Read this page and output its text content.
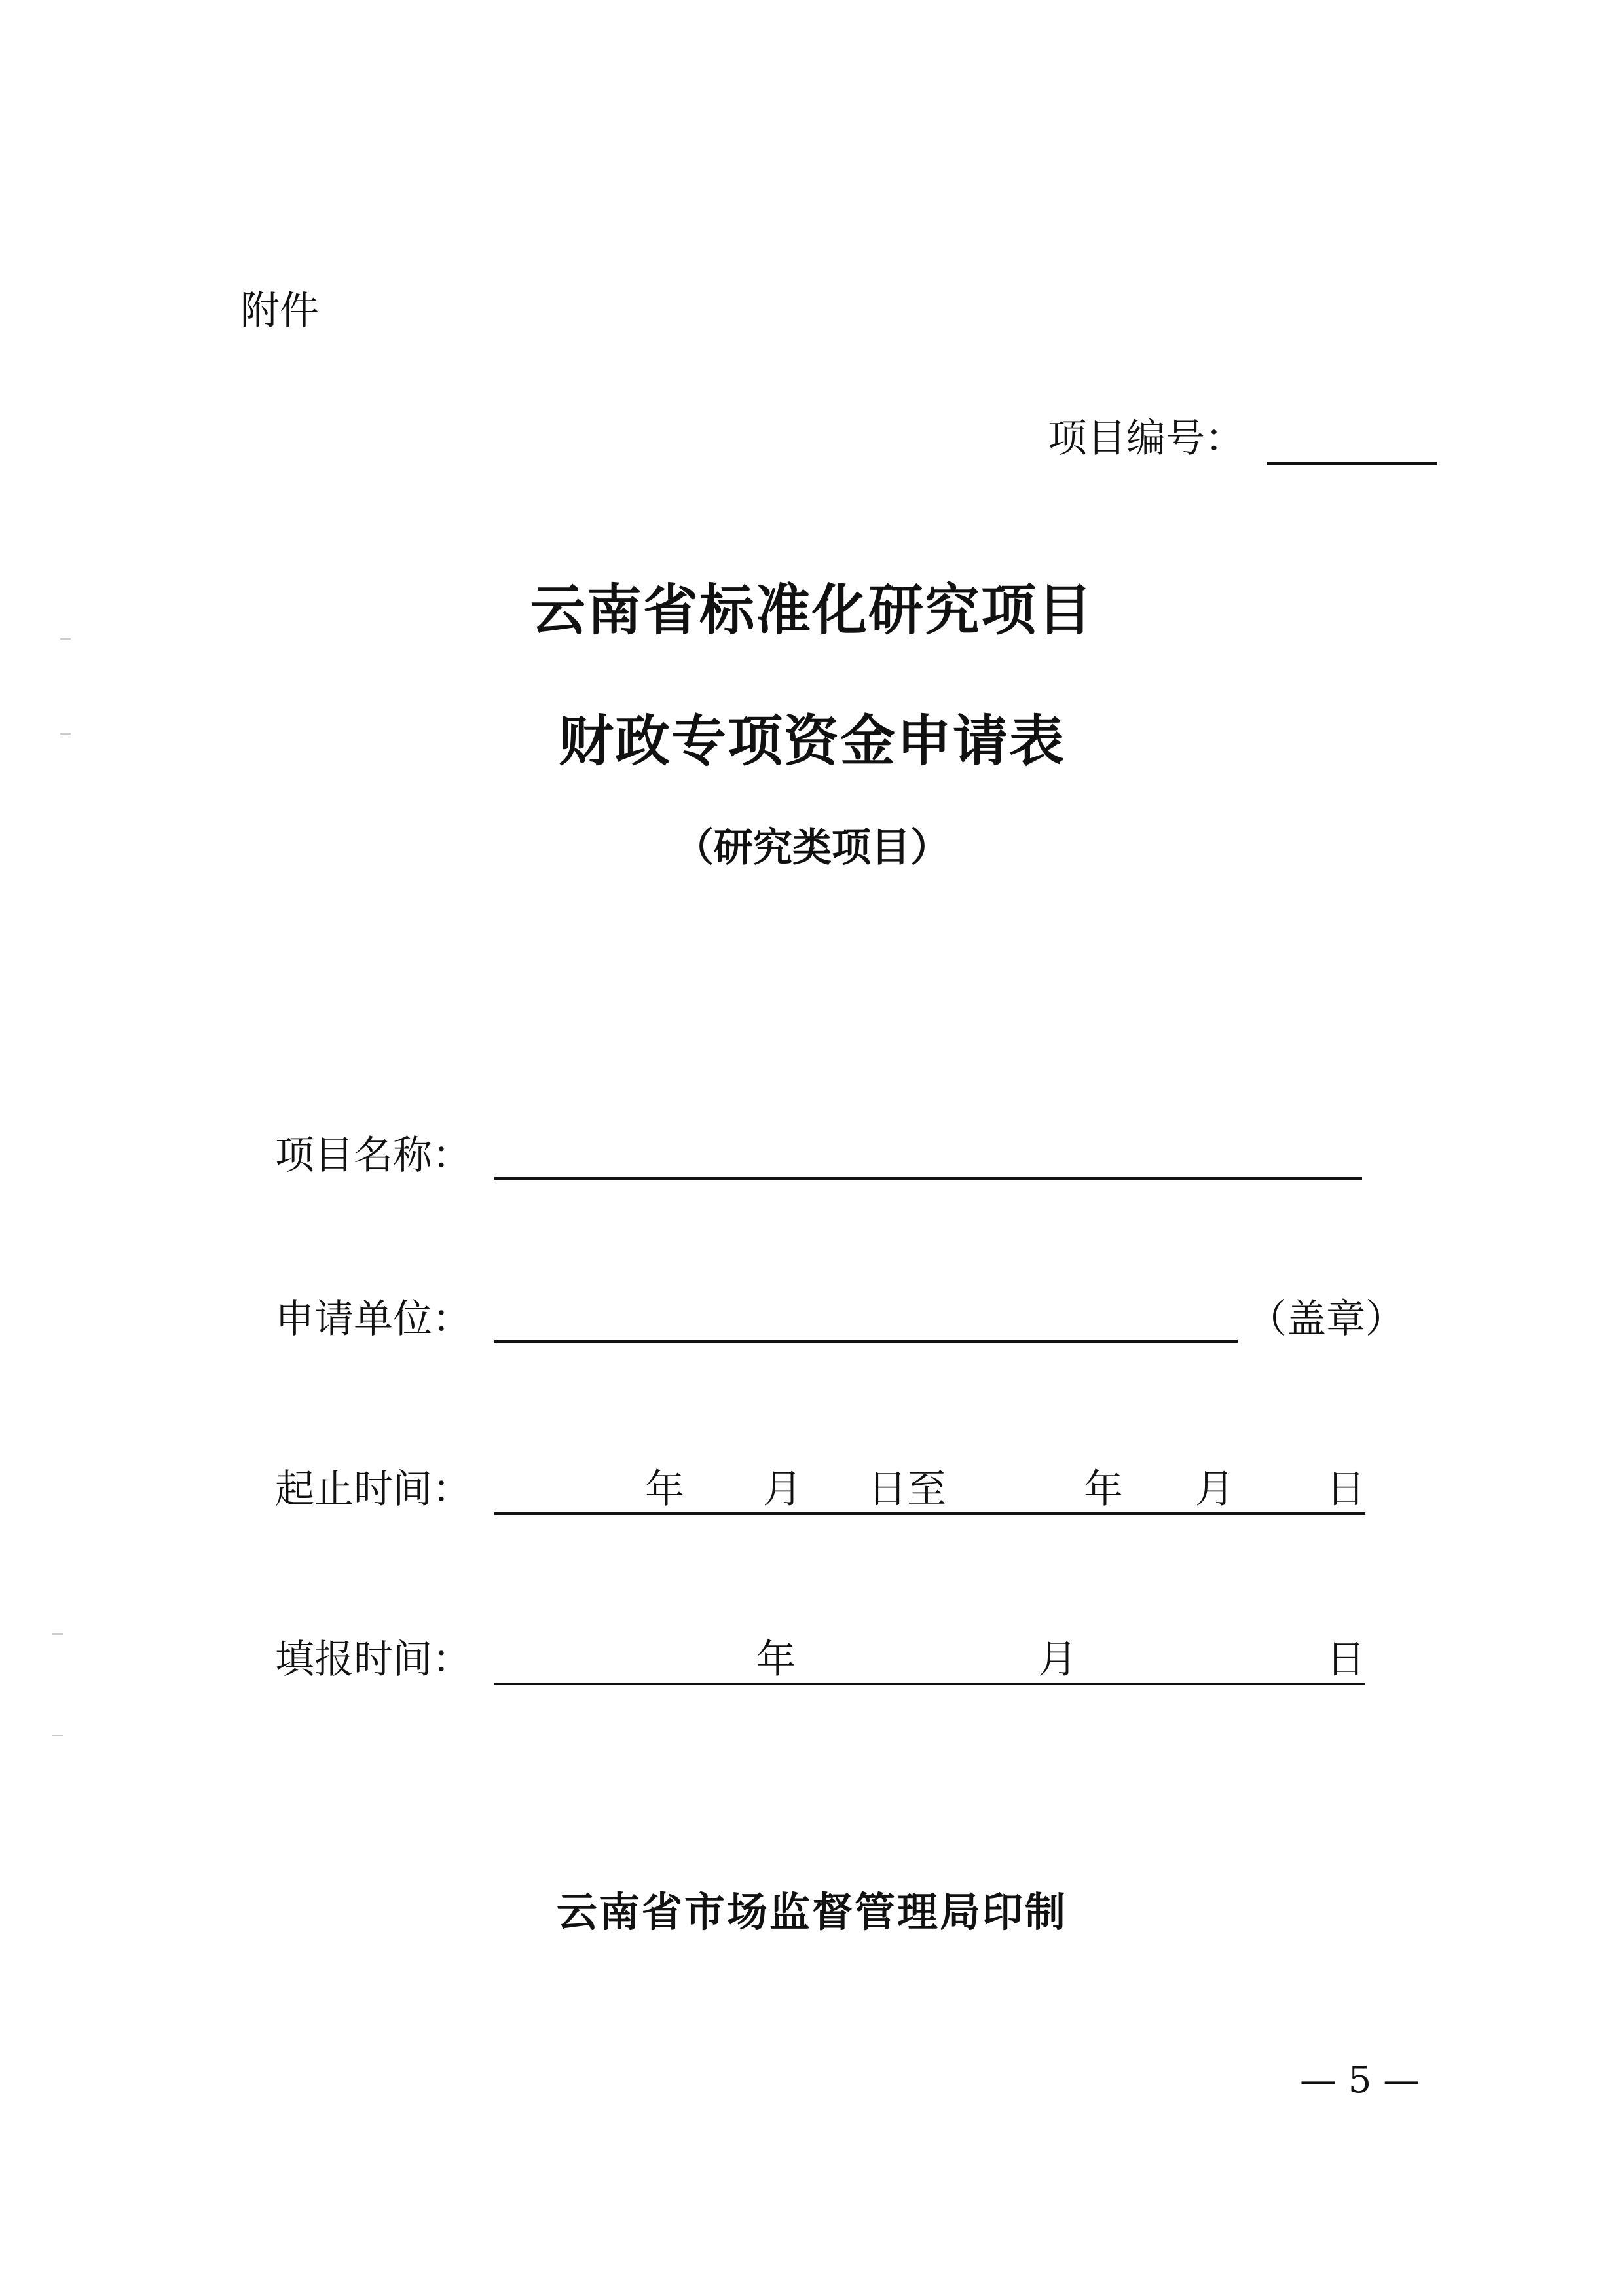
附件
项目编号：
云南省标准化研究项目
财政专项资金申请表
（研究类项目）
项目名称：
申请单位：	（盖章）
起止时间：	年 月 日至	年 月 日
填报时间：	年	月	日
云南省市场监督管理局印制
— 5 —
